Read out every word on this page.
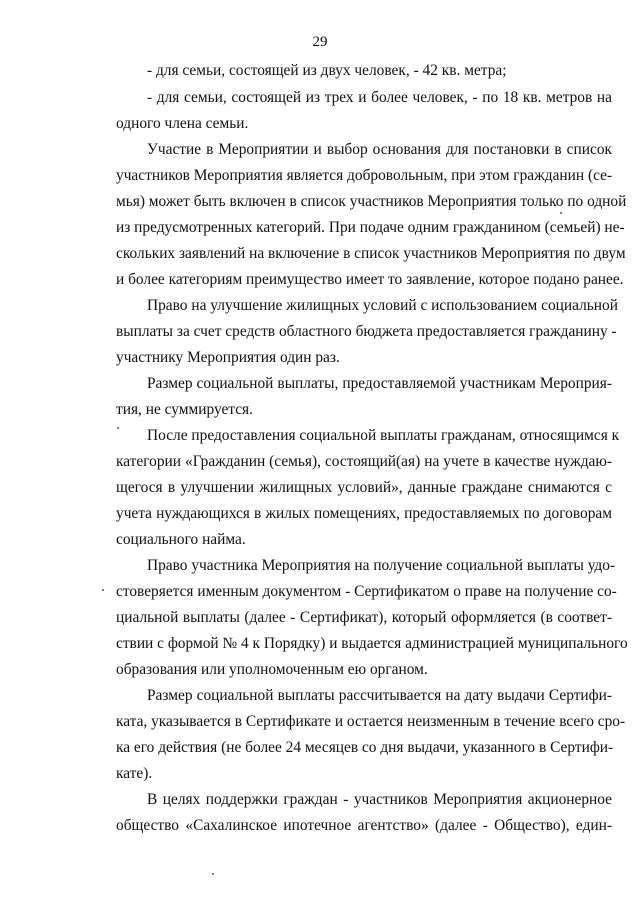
29
- для семьи, состоящей из двух человек, - 42 кв. метра;
- для семьи, состоящей из трех и более человек, - по 18 кв. метров на
одного члена семьи.
Участие в Мероприятии и выбор основания для постановки в список
участников Мероприятия является добровольным, при этом гражданин (се-
мья) может быть включен в список участников Мероприятия только по одной
из предусмотренных категорий. При подаче одним гражданином (семьей) не-
скольких заявлений на включение в список участников Мероприятия по двум
и более категориям преимущество имеет то заявление, которое подано ранее.
Право на улучшение жилищных условий с использованием социальной
выплаты за счет средств областного бюджета предоставляется гражданину -
участнику Мероприятия один раз.
Размер социальной выплаты, предоставляемой участникам Мероприя-
тия, не суммируется.
После предоставления социальной выплаты гражданам, относящимся к
категории «Гражданин (семья), состоящий(ая) на учете в качестве нуждаю-
щегося в улучшении жилищных условий», данные граждане снимаются с
учета нуждающихся в жилых помещениях, предоставляемых по договорам
социального найма.
Право участника Мероприятия на получение социальной выплаты удо-
стоверяется именным документом - Сертификатом о праве на получение со-
циальной выплаты (далее - Сертификат), который оформляется (в соответ-
ствии с формой № 4 к Порядку) и выдается администрацией муниципального
образования или уполномоченным ею органом.
Размер социальной выплаты рассчитывается на дату выдачи Сертифи-
ката, указывается в Сертификате и остается неизменным в течение всего сро-
ка его действия (не более 24 месяцев со дня выдачи, указанного в Сертифи-
кате).
В целях поддержки граждан - участников Мероприятия акционерное
общество «Сахалинское ипотечное агентство» (далее - Общество), един-
